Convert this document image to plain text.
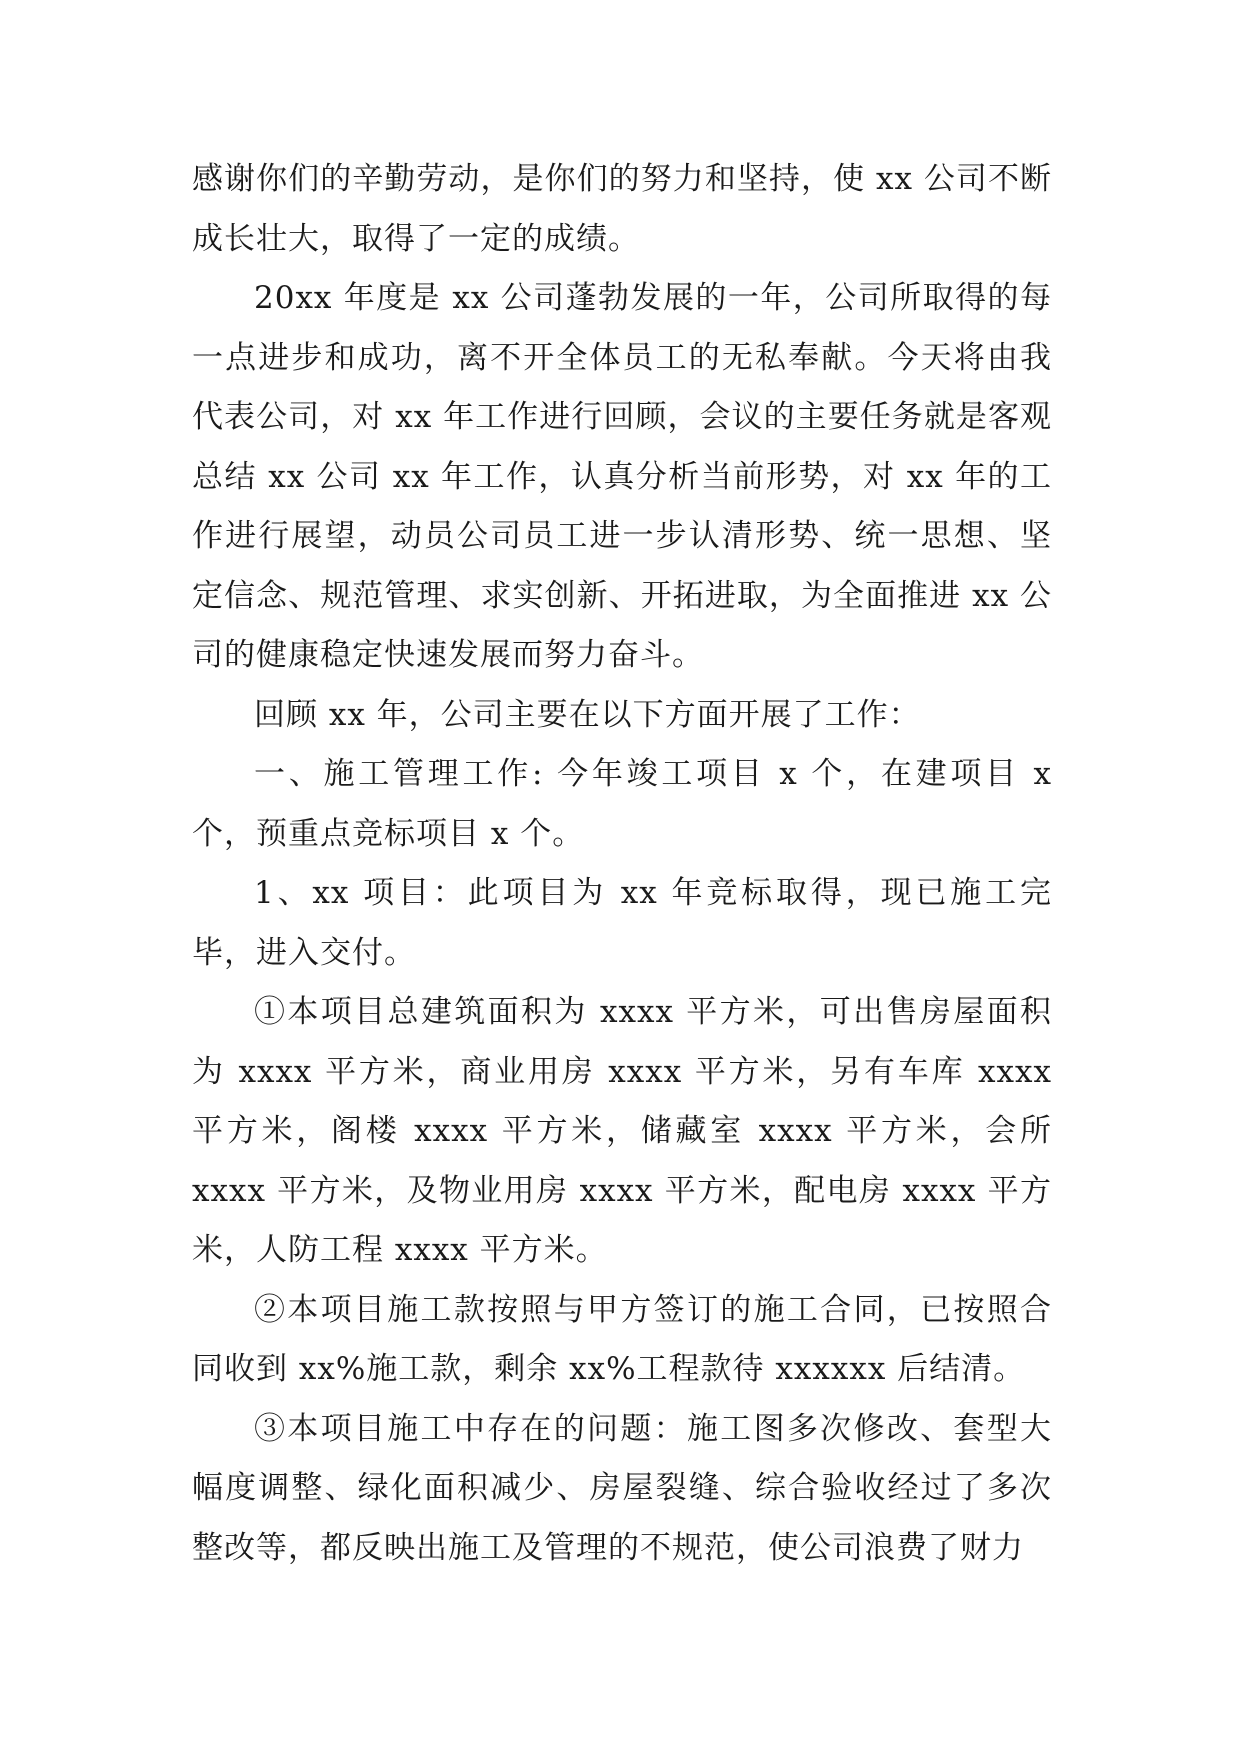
感谢你们的辛勤劳动，是你们的努力和坚持，使 xx 公司不断成长壮大，取得了一定的成绩。

20xx 年度是 xx 公司蓬勃发展的一年，公司所取得的每一点进步和成功，离不开全体员工的无私奉献。今天将由我代表公司，对 xx 年工作进行回顾，会议的主要任务就是客观总结 xx 公司 xx 年工作，认真分析当前形势，对 xx 年的工作进行展望，动员公司员工进一步认清形势、统一思想、坚定信念、规范管理、求实创新、开拓进取，为全面推进 xx 公司的健康稳定快速发展而努力奋斗。

回顾 xx 年，公司主要在以下方面开展了工作：

一、施工管理工作: 今年竣工项目 x 个，在建项目 x 个，预重点竞标项目 x 个。

1、xx 项目：此项目为 xx 年竞标取得，现已施工完毕，进入交付。

①本项目总建筑面积为 xxxx 平方米，可出售房屋面积为 xxxx 平方米，商业用房 xxxx 平方米，另有车库 xxxx 平方米，阁楼 xxxx 平方米，储藏室 xxxx 平方米，会所 xxxx 平方米，及物业用房 xxxx 平方米，配电房 xxxx 平方米，人防工程 xxxx 平方米。

②本项目施工款按照与甲方签订的施工合同，已按照合同收到 xx%施工款，剩余 xx%工程款待 xxxxxx 后结清。

③本项目施工中存在的问题：施工图多次修改、套型大幅度调整、绿化面积减少、房屋裂缝、综合验收经过了多次整改等，都反映出施工及管理的不规范，使公司浪费了财力
